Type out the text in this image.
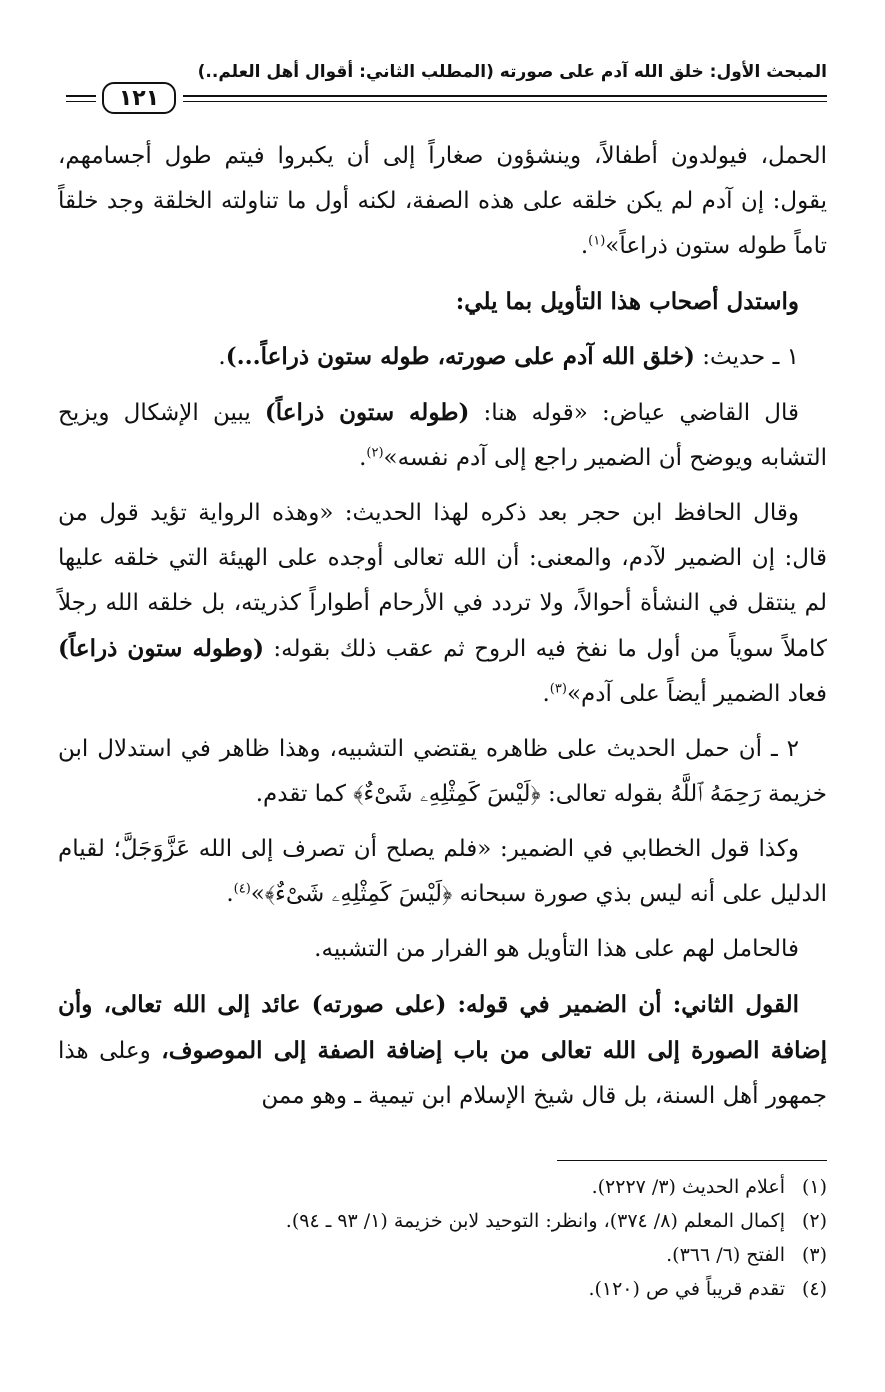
المبحث الأول: خلق الله آدم على صورته (المطلب الثاني: أقوال أهل العلم..)
١٢١

الحمل، فيولدون أطفالاً، وينشؤون صغاراً إلى أن يكبروا فيتم طول أجسامهم، يقول: إن آدم لم يكن خلقه على هذه الصفة، لكنه أول ما تناولته الخلقة وجد خلقاً تاماً طوله ستون ذراعاً»$^{(١)}$.

واستدل أصحاب هذا التأويل بما يلي:

١ ـ حديث: (خلق الله آدم على صورته، طوله ستون ذراعاً...).

قال القاضي عياض: «قوله هنا: (طوله ستون ذراعاً) يبين الإشكال ويزيح التشابه ويوضح أن الضمير راجع إلى آدم نفسه»$^{(٢)}$.

وقال الحافظ ابن حجر بعد ذكره لهذا الحديث: «وهذه الرواية تؤيد قول من قال: إن الضمير لآدم، والمعنى: أن الله تعالى أوجده على الهيئة التي خلقه عليها لم ينتقل في النشأة أحوالاً، ولا تردد في الأرحام أطواراً كذريته، بل خلقه الله رجلاً كاملاً سوياً من أول ما نفخ فيه الروح ثم عقب ذلك بقوله: (وطوله ستون ذراعاً) فعاد الضمير أيضاً على آدم»$^{(٣)}$.

٢ ـ أن حمل الحديث على ظاهره يقتضي التشبيه، وهذا ظاهر في استدلال ابن خزيمة رَحِمَهُ ٱللَّهُ بقوله تعالى: ﴿لَيْسَ كَمِثْلِهِۦ شَىْءٌ﴾ كما تقدم.

وكذا قول الخطابي في الضمير: «فلم يصلح أن تصرف إلى الله عَزَّوَجَلَّ؛ لقيام الدليل على أنه ليس بذي صورة سبحانه ﴿لَيْسَ كَمِثْلِهِۦ شَىْءٌ﴾»$^{(٤)}$.

فالحامل لهم على هذا التأويل هو الفرار من التشبيه.

القول الثاني: أن الضمير في قوله: (على صورته) عائد إلى الله تعالى، وأن إضافة الصورة إلى الله تعالى من باب إضافة الصفة إلى الموصوف، وعلى هذا جمهور أهل السنة، بل قال شيخ الإسلام ابن تيمية ـ وهو ممن

(١)أعلام الحديث (٣/ ٢٢٢٧).
(٢)إكمال المعلم (٨/ ٣٧٤)، وانظر: التوحيد لابن خزيمة (١/ ٩٣ ـ ٩٤).
(٣)الفتح (٦/ ٣٦٦).
(٤)تقدم قريباً في ص (١٢٠).
